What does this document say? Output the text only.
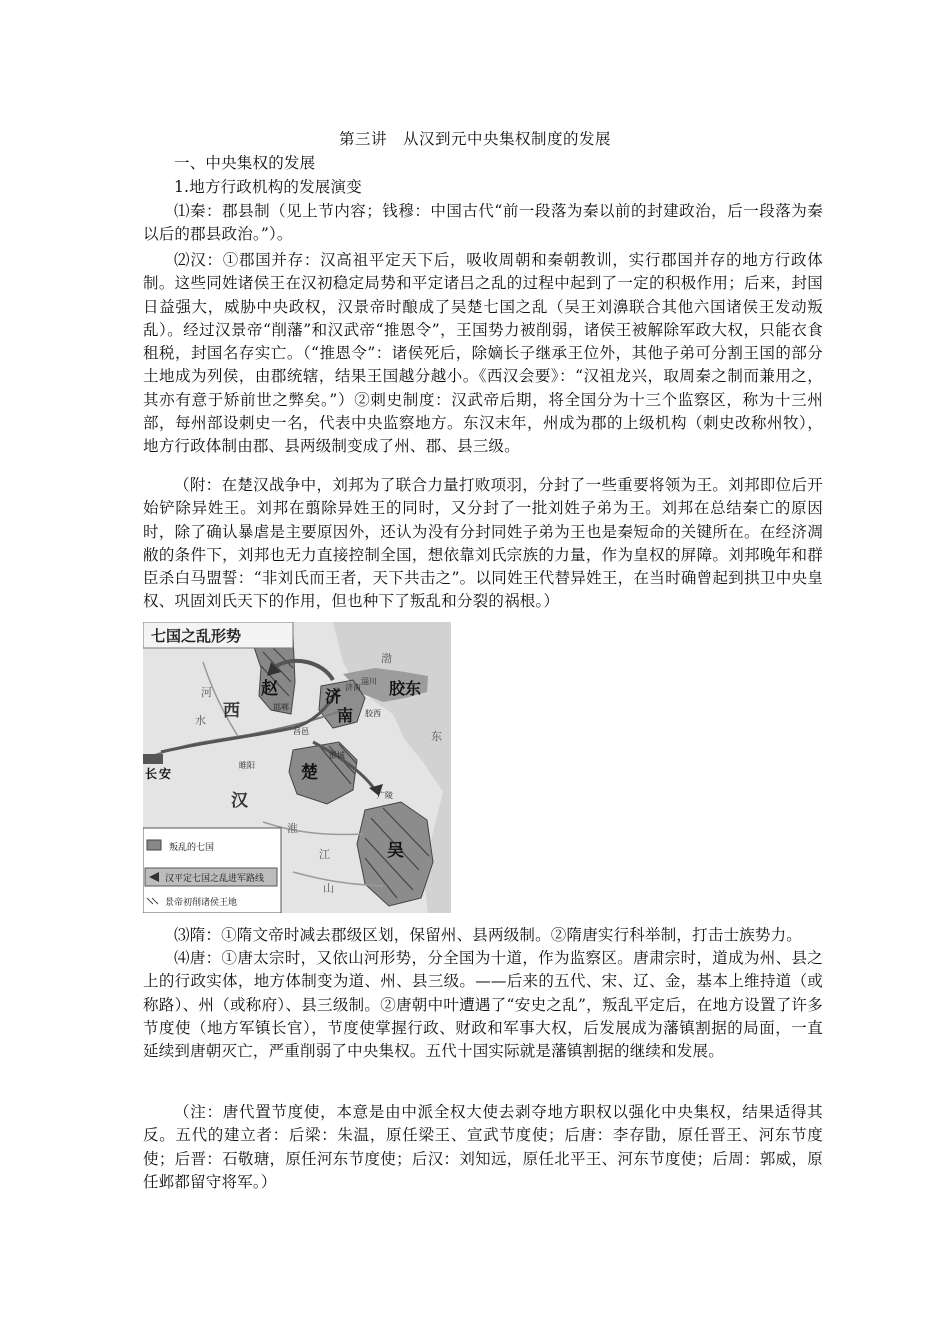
第三讲　从汉到元中央集权制度的发展

一、中央集权的发展

1.地方行政机构的发展演变

⑴秦：郡县制（见上节内容；钱穆：中国古代“前一段落为秦以前的封建政治，后一段落为秦以后的郡县政治。”）。

⑵汉：①郡国并存：汉高祖平定天下后，吸收周朝和秦朝教训，实行郡国并存的地方行政体制。这些同姓诸侯王在汉初稳定局势和平定诸吕之乱的过程中起到了一定的积极作用；后来，封国日益强大，威胁中央政权，汉景帝时酿成了吴楚七国之乱（吴王刘濞联合其他六国诸侯王发动叛乱）。经过汉景帝“削藩”和汉武帝“推恩令”，王国势力被削弱，诸侯王被解除军政大权，只能衣食租税，封国名存实亡。（“推恩令”：诸侯死后，除嫡长子继承王位外，其他子弟可分割王国的部分土地成为列侯，由郡统辖，结果王国越分越小。《西汉会要》：“汉祖龙兴，取周秦之制而兼用之，其亦有意于矫前世之弊矣。”）②刺史制度：汉武帝后期，将全国分为十三个监察区，称为十三州部，每州部设刺史一名，代表中央监察地方。东汉末年，州成为郡的上级机构（刺史改称州牧），地方行政体制由郡、县两级制变成了州、郡、县三级。

（附：在楚汉战争中，刘邦为了联合力量打败项羽，分封了一些重要将领为王。刘邦即位后开始铲除异姓王。刘邦在翦除异姓王的同时，又分封了一批刘姓子弟为王。刘邦在总结秦亡的原因时，除了确认暴虐是主要原因外，还认为没有分封同姓子弟为王也是秦短命的关键所在。在经济凋敝的条件下，刘邦也无力直接控制全国，想依靠刘氏宗族的力量，作为皇权的屏障。刘邦晚年和群臣杀白马盟誓：“非刘氏而王者，天下共击之”。以同姓王代替异姓王，在当时确曾起到拱卫中央皇权、巩固刘氏天下的作用，但也种下了叛乱和分裂的祸根。）

七国之乱形势
赵	济
南
胶东
楚
吴
西
汉
河
水
渤
东
淮
江
山
长 安
邯郸
睢阳
昌邑
彭城
广陵
胶西
淄川
济南
叛乱的七国
汉平定七国之乱进军路线
景帝初削诸侯王地

⑶隋：①隋文帝时减去郡级区划，保留州、县两级制。②隋唐实行科举制，打击士族势力。

⑷唐：①唐太宗时，又依山河形势，分全国为十道，作为监察区。唐肃宗时，道成为州、县之上的行政实体，地方体制变为道、州、县三级。——后来的五代、宋、辽、金，基本上维持道（或称路）、州（或称府）、县三级制。②唐朝中叶遭遇了“安史之乱”，叛乱平定后，在地方设置了许多节度使（地方军镇长官），节度使掌握行政、财政和军事大权，后发展成为藩镇割据的局面，一直延续到唐朝灭亡，严重削弱了中央集权。五代十国实际就是藩镇割据的继续和发展。

（注：唐代置节度使，本意是由中派全权大使去剥夺地方职权以强化中央集权，结果适得其反。五代的建立者：后梁：朱温，原任梁王、宣武节度使；后唐：李存勖，原任晋王、河东节度使；后晋：石敬瑭，原任河东节度使；后汉：刘知远，原任北平王、河东节度使；后周：郭威，原任邺都留守将军。）
